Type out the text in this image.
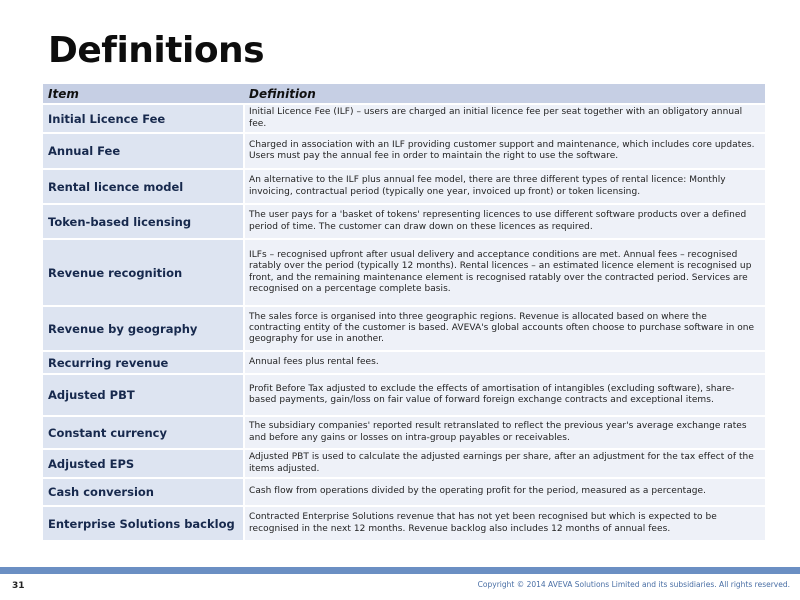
Definitions
Item	Definition
Initial Licence Fee	Initial Licence Fee (ILF) – users are charged an initial licence fee per seat together with an obligatory annual fee.
Annual Fee	Charged in association with an ILF providing customer support and maintenance, which includes core updates. Users must pay the annual fee in order to maintain the right to use the software.
Rental licence model	An alternative to the ILF plus annual fee model, there are three different types of rental licence: Monthly invoicing, contractual period (typically one year, invoiced up front) or token licensing.
Token-based licensing	The user pays for a 'basket of tokens' representing licences to use different software products over a defined period of time. The customer can draw down on these licences as required.
Revenue recognition	ILFs – recognised upfront after usual delivery and acceptance conditions are met. Annual fees – recognised ratably over the period (typically 12 months). Rental licences – an estimated licence element is recognised up front, and the remaining maintenance element is recognised ratably over the contracted period. Services are recognised on a percentage complete basis.
Revenue by geography	The sales force is organised into three geographic regions. Revenue is allocated based on where the contracting entity of the customer is based. AVEVA's global accounts often choose to purchase software in one geography for use in another.
Recurring revenue	Annual fees plus rental fees.
Adjusted PBT	Profit Before Tax adjusted to exclude the effects of amortisation of intangibles (excluding software), share-based payments, gain/loss on fair value of forward foreign exchange contracts and exceptional items.
Constant currency	The subsidiary companies' reported result retranslated to reflect the previous year's average exchange rates and before any gains or losses on intra-group payables or receivables.
Adjusted EPS	Adjusted PBT is used to calculate the adjusted earnings per share, after an adjustment for the tax effect of the items adjusted.
Cash conversion	Cash flow from operations divided by the operating profit for the period, measured as a percentage.
Enterprise Solutions backlog	Contracted Enterprise Solutions revenue that has not yet been recognised but which is expected to be recognised in the next 12 months. Revenue backlog also includes 12 months of annual fees.
31	Copyright © 2014 AVEVA Solutions Limited and its subsidiaries. All rights reserved.
